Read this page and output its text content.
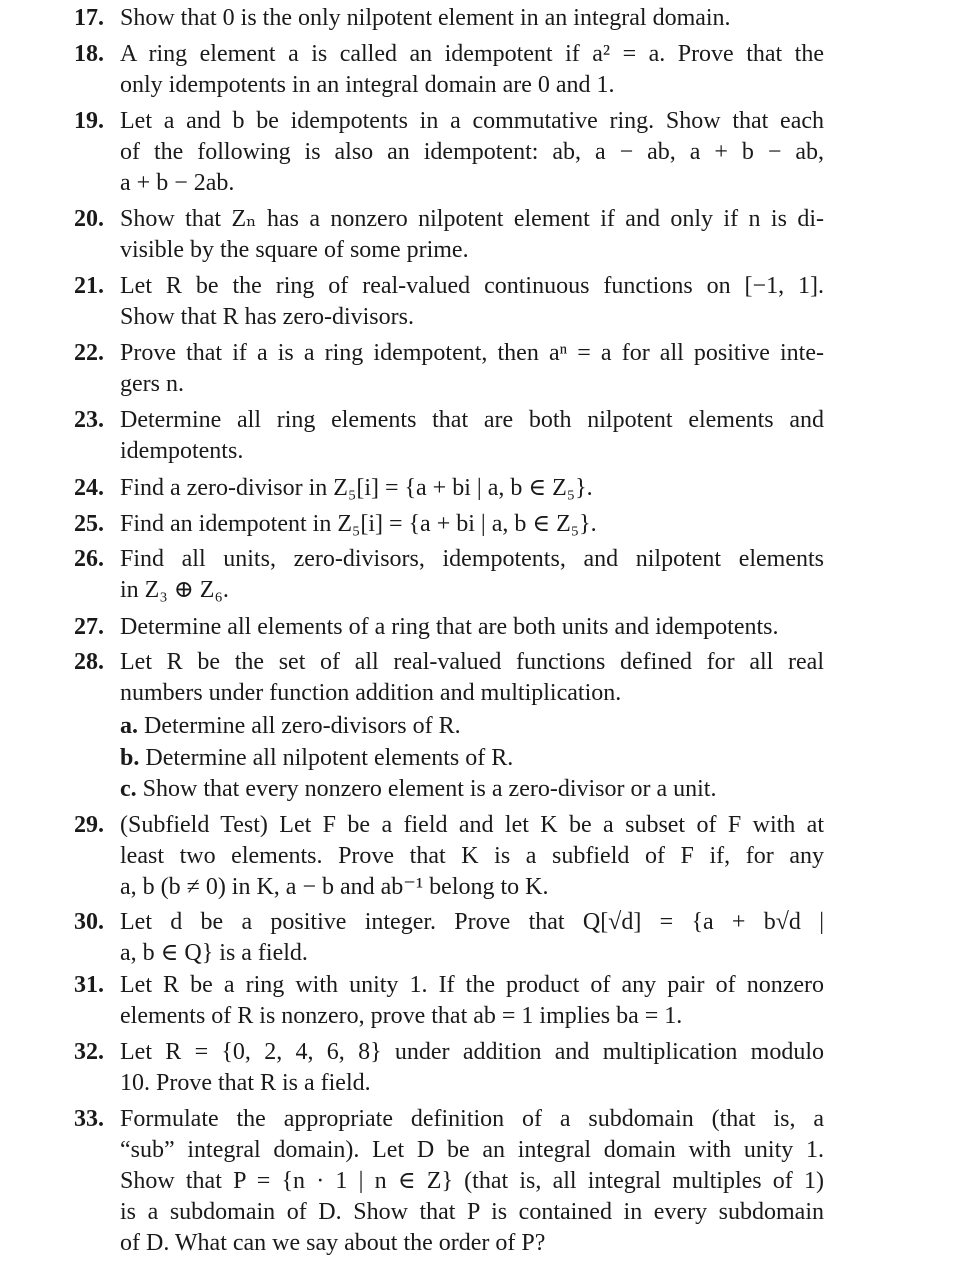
17. Show that 0 is the only nilpotent element in an integral domain.
18. A ring element a is called an idempotent if a² = a. Prove that the
only idempotents in an integral domain are 0 and 1.
19. Let a and b be idempotents in a commutative ring. Show that each
of the following is also an idempotent: ab, a − ab, a + b − ab,
a + b − 2ab.
20. Show that Zₙ has a nonzero nilpotent element if and only if n is di-
visible by the square of some prime.
21. Let R be the ring of real-valued continuous functions on [−1, 1].
Show that R has zero-divisors.
22. Prove that if a is a ring idempotent, then aⁿ = a for all positive inte-
gers n.
23. Determine all ring elements that are both nilpotent elements and
idempotents.
24. Find a zero-divisor in Z₅[i] = {a + bi | a, b ∈ Z₅}.
25. Find an idempotent in Z₅[i] = {a + bi | a, b ∈ Z₅}.
26. Find all units, zero-divisors, idempotents, and nilpotent elements
in Z₃ ⊕ Z₆.
27. Determine all elements of a ring that are both units and idempotents.
28. Let R be the set of all real-valued functions defined for all real
numbers under function addition and multiplication.
a. Determine all zero-divisors of R.
b. Determine all nilpotent elements of R.
c. Show that every nonzero element is a zero-divisor or a unit.
29. (Subfield Test) Let F be a field and let K be a subset of F with at
least two elements. Prove that K is a subfield of F if, for any
a, b (b ≠ 0) in K, a − b and ab⁻¹ belong to K.
30. Let d be a positive integer. Prove that Q[√d] = {a + b√d |
a, b ∈ Q} is a field.
31. Let R be a ring with unity 1. If the product of any pair of nonzero
elements of R is nonzero, prove that ab = 1 implies ba = 1.
32. Let R = {0, 2, 4, 6, 8} under addition and multiplication modulo
10. Prove that R is a field.
33. Formulate the appropriate definition of a subdomain (that is, a
“sub” integral domain). Let D be an integral domain with unity 1.
Show that P = {n · 1 | n ∈ Z} (that is, all integral multiples of 1)
is a subdomain of D. Show that P is contained in every subdomain
of D. What can we say about the order of P?
